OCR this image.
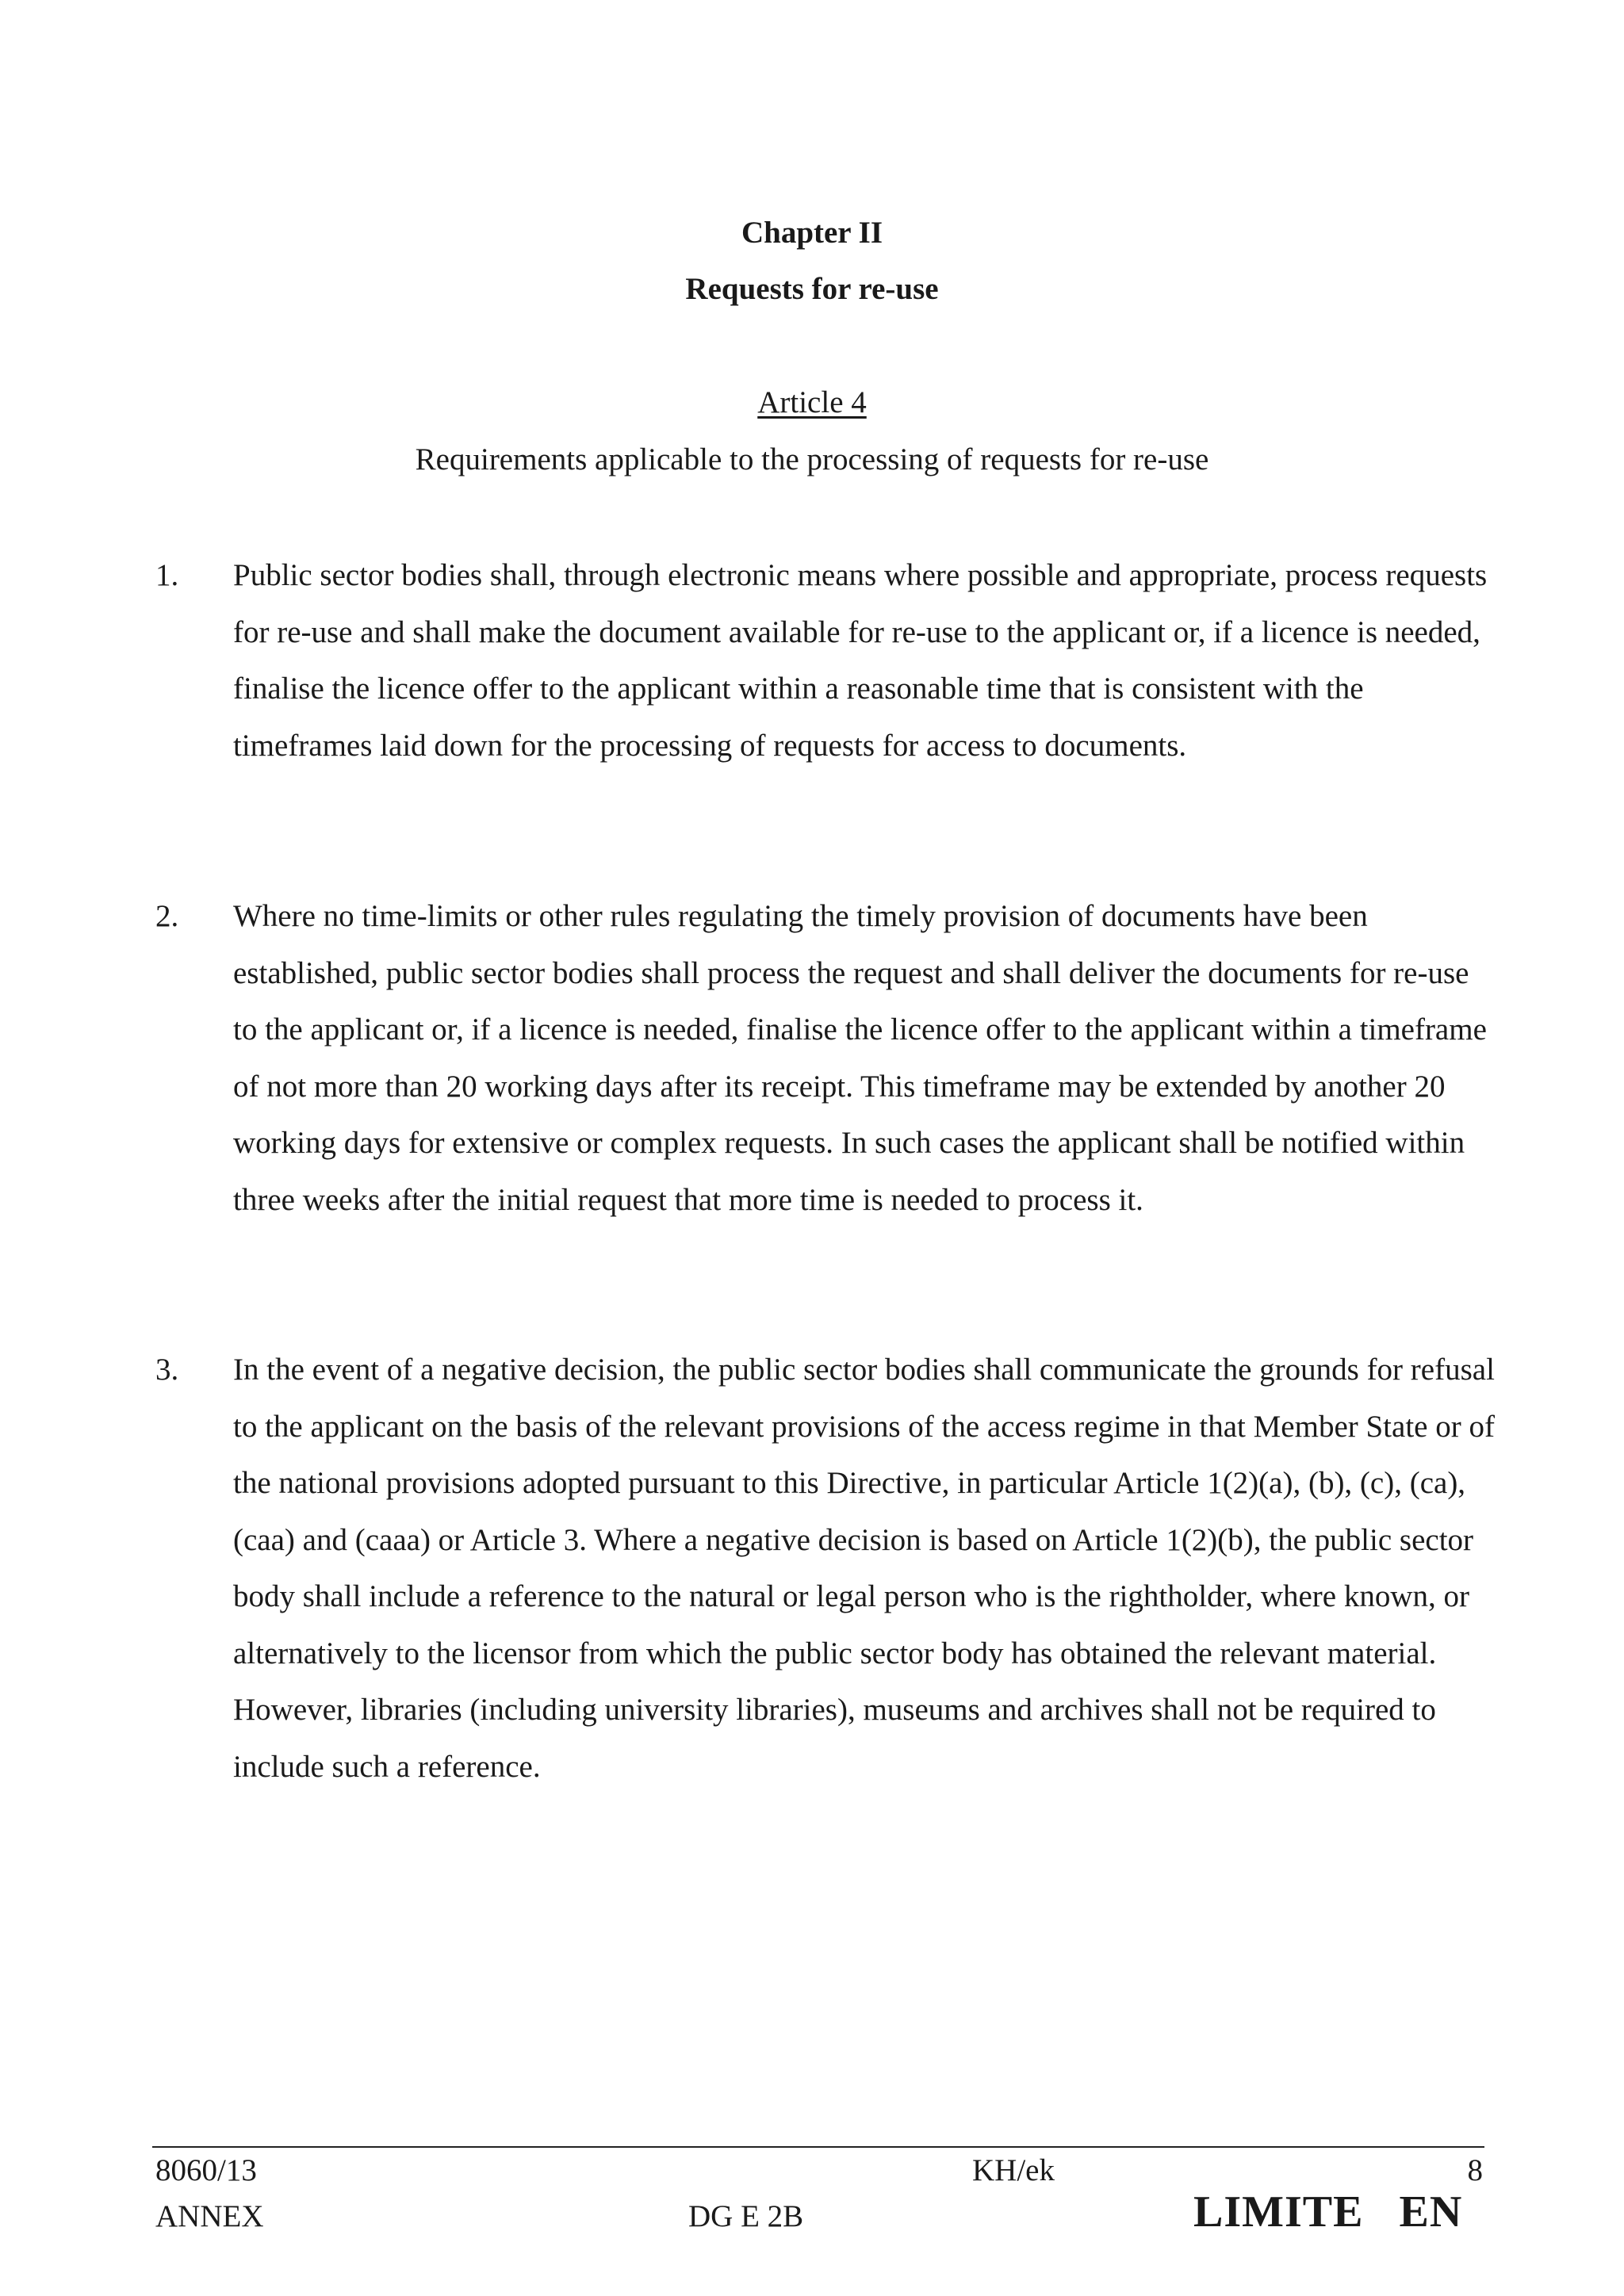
Chapter II
Requests for re-use
Article 4
Requirements applicable to the processing of requests for re-use
1. Public sector bodies shall, through electronic means where possible and appropriate, process requests for re-use and shall make the document available for re-use to the applicant or, if a licence is needed, finalise the licence offer to the applicant within a reasonable time that is consistent with the timeframes laid down for the processing of requests for access to documents.
2. Where no time-limits or other rules regulating the timely provision of documents have been established, public sector bodies shall process the request and shall deliver the documents for re-use to the applicant or, if a licence is needed, finalise the licence offer to the applicant within a timeframe of not more than 20 working days after its receipt. This timeframe may be extended by another 20 working days for extensive or complex requests. In such cases the applicant shall be notified within three weeks after the initial request that more time is needed to process it.
3. In the event of a negative decision, the public sector bodies shall communicate the grounds for refusal to the applicant on the basis of the relevant provisions of the access regime in that Member State or of the national provisions adopted pursuant to this Directive, in particular Article 1(2)(a), (b), (c), (ca), (caa) and (caaa) or Article 3. Where a negative decision is based on Article 1(2)(b), the public sector body shall include a reference to the natural or legal person who is the rightholder, where known, or alternatively to the licensor from which the public sector body has obtained the relevant material. However, libraries (including university libraries), museums and archives shall not be required to include such a reference.
8060/13
ANNEX
KH/ek
DG E 2B
8
LIMITE   EN
